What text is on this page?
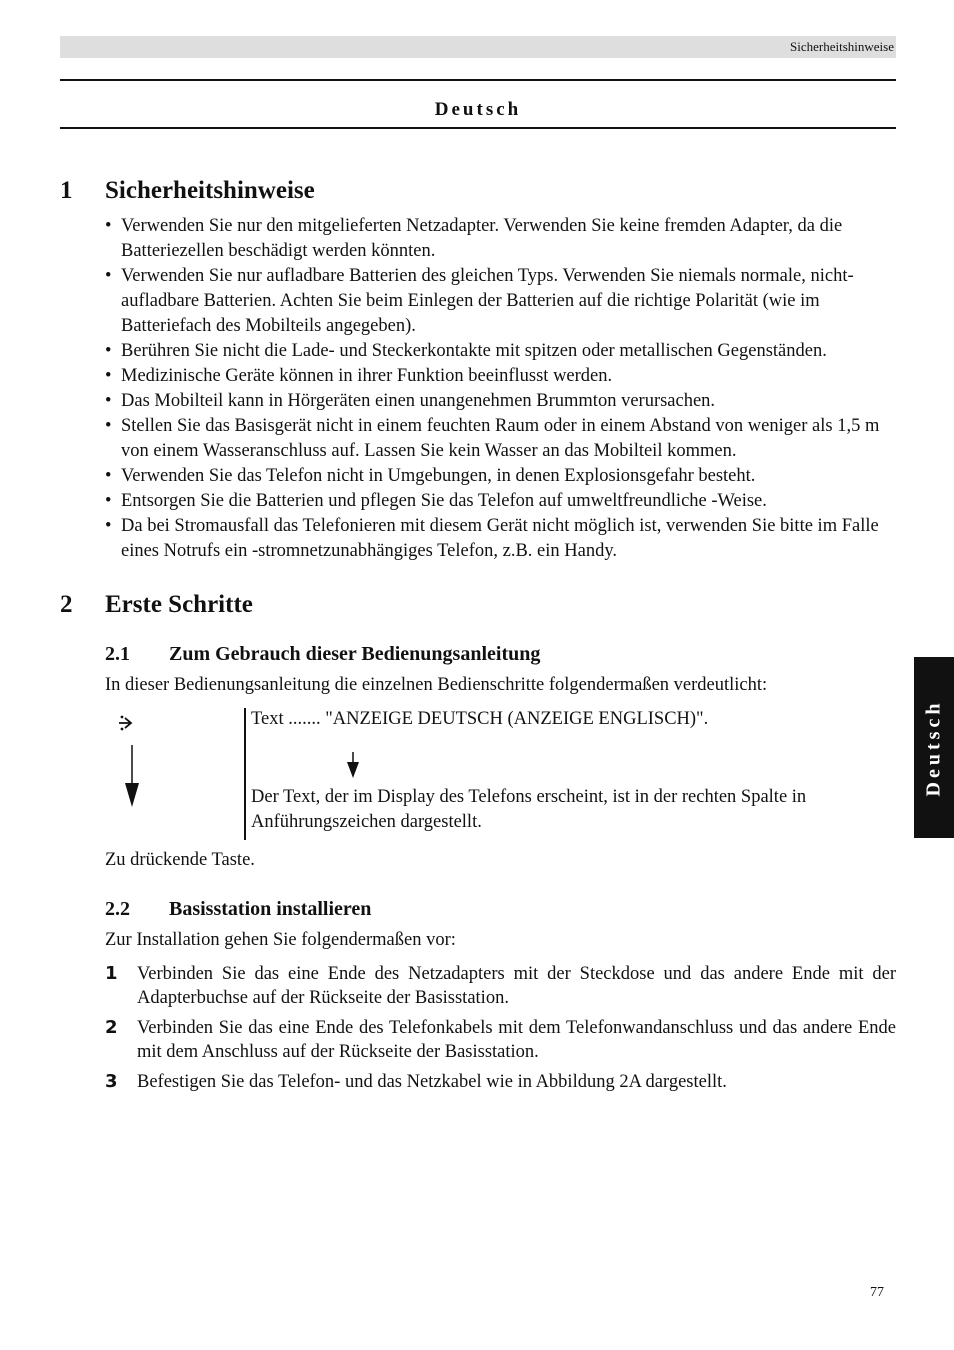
Sicherheitshinweise
Deutsch
Deutsch
1 Sicherheitshinweise
• Verwenden Sie nur den mitgelieferten Netzadapter. Verwenden Sie keine fremden Adapter, da die Batteriezellen beschädigt werden könnten.
• Verwenden Sie nur aufladbare Batterien des gleichen Typs. Verwenden Sie niemals normale, nicht-aufladbare Batterien. Achten Sie beim Einlegen der Batterien auf die richtige Polarität (wie im Batteriefach des Mobilteils angegeben).
• Berühren Sie nicht die Lade- und Steckerkontakte mit spitzen oder metallischen Gegenständen.
• Medizinische Geräte können in ihrer Funktion beeinflusst werden.
• Das Mobilteil kann in Hörgeräten einen unangenehmen Brummton verursachen.
• Stellen Sie das Basisgerät nicht in einem feuchten Raum oder in einem Abstand von weniger als 1,5 m von einem Wasseranschluss auf. Lassen Sie kein Wasser an das Mobilteil kommen.
• Verwenden Sie das Telefon nicht in Umgebungen, in denen Explosionsgefahr besteht.
• Entsorgen Sie die Batterien und pflegen Sie das Telefon auf umweltfreundliche -Weise.
• Da bei Stromausfall das Telefonieren mit diesem Gerät nicht möglich ist, verwenden Sie bitte im Falle eines Notrufs ein -stromnetzunabhängiges Telefon, z.B. ein Handy.
2 Erste Schritte
2.1 Zum Gebrauch dieser Bedienungsanleitung
In dieser Bedienungsanleitung die einzelnen Bedienschritte folgendermaßen verdeutlicht:
Text ....... "ANZEIGE DEUTSCH (ANZEIGE ENGLISCH)".
Der Text, der im Display des Telefons erscheint, ist in der rechten Spalte in Anführungszeichen dargestellt.
Zu drückende Taste.
2.2 Basisstation installieren
Zur Installation gehen Sie folgendermaßen vor:
1 Verbinden Sie das eine Ende des Netzadapters mit der Steckdose und das andere Ende mit der Adapterbuchse auf der Rückseite der Basisstation.
2 Verbinden Sie das eine Ende des Telefonkabels mit dem Telefonwandanschluss und das andere Ende mit dem Anschluss auf der Rückseite der Basisstation.
3 Befestigen Sie das Telefon- und das Netzkabel wie in Abbildung 2A dargestellt.
77
